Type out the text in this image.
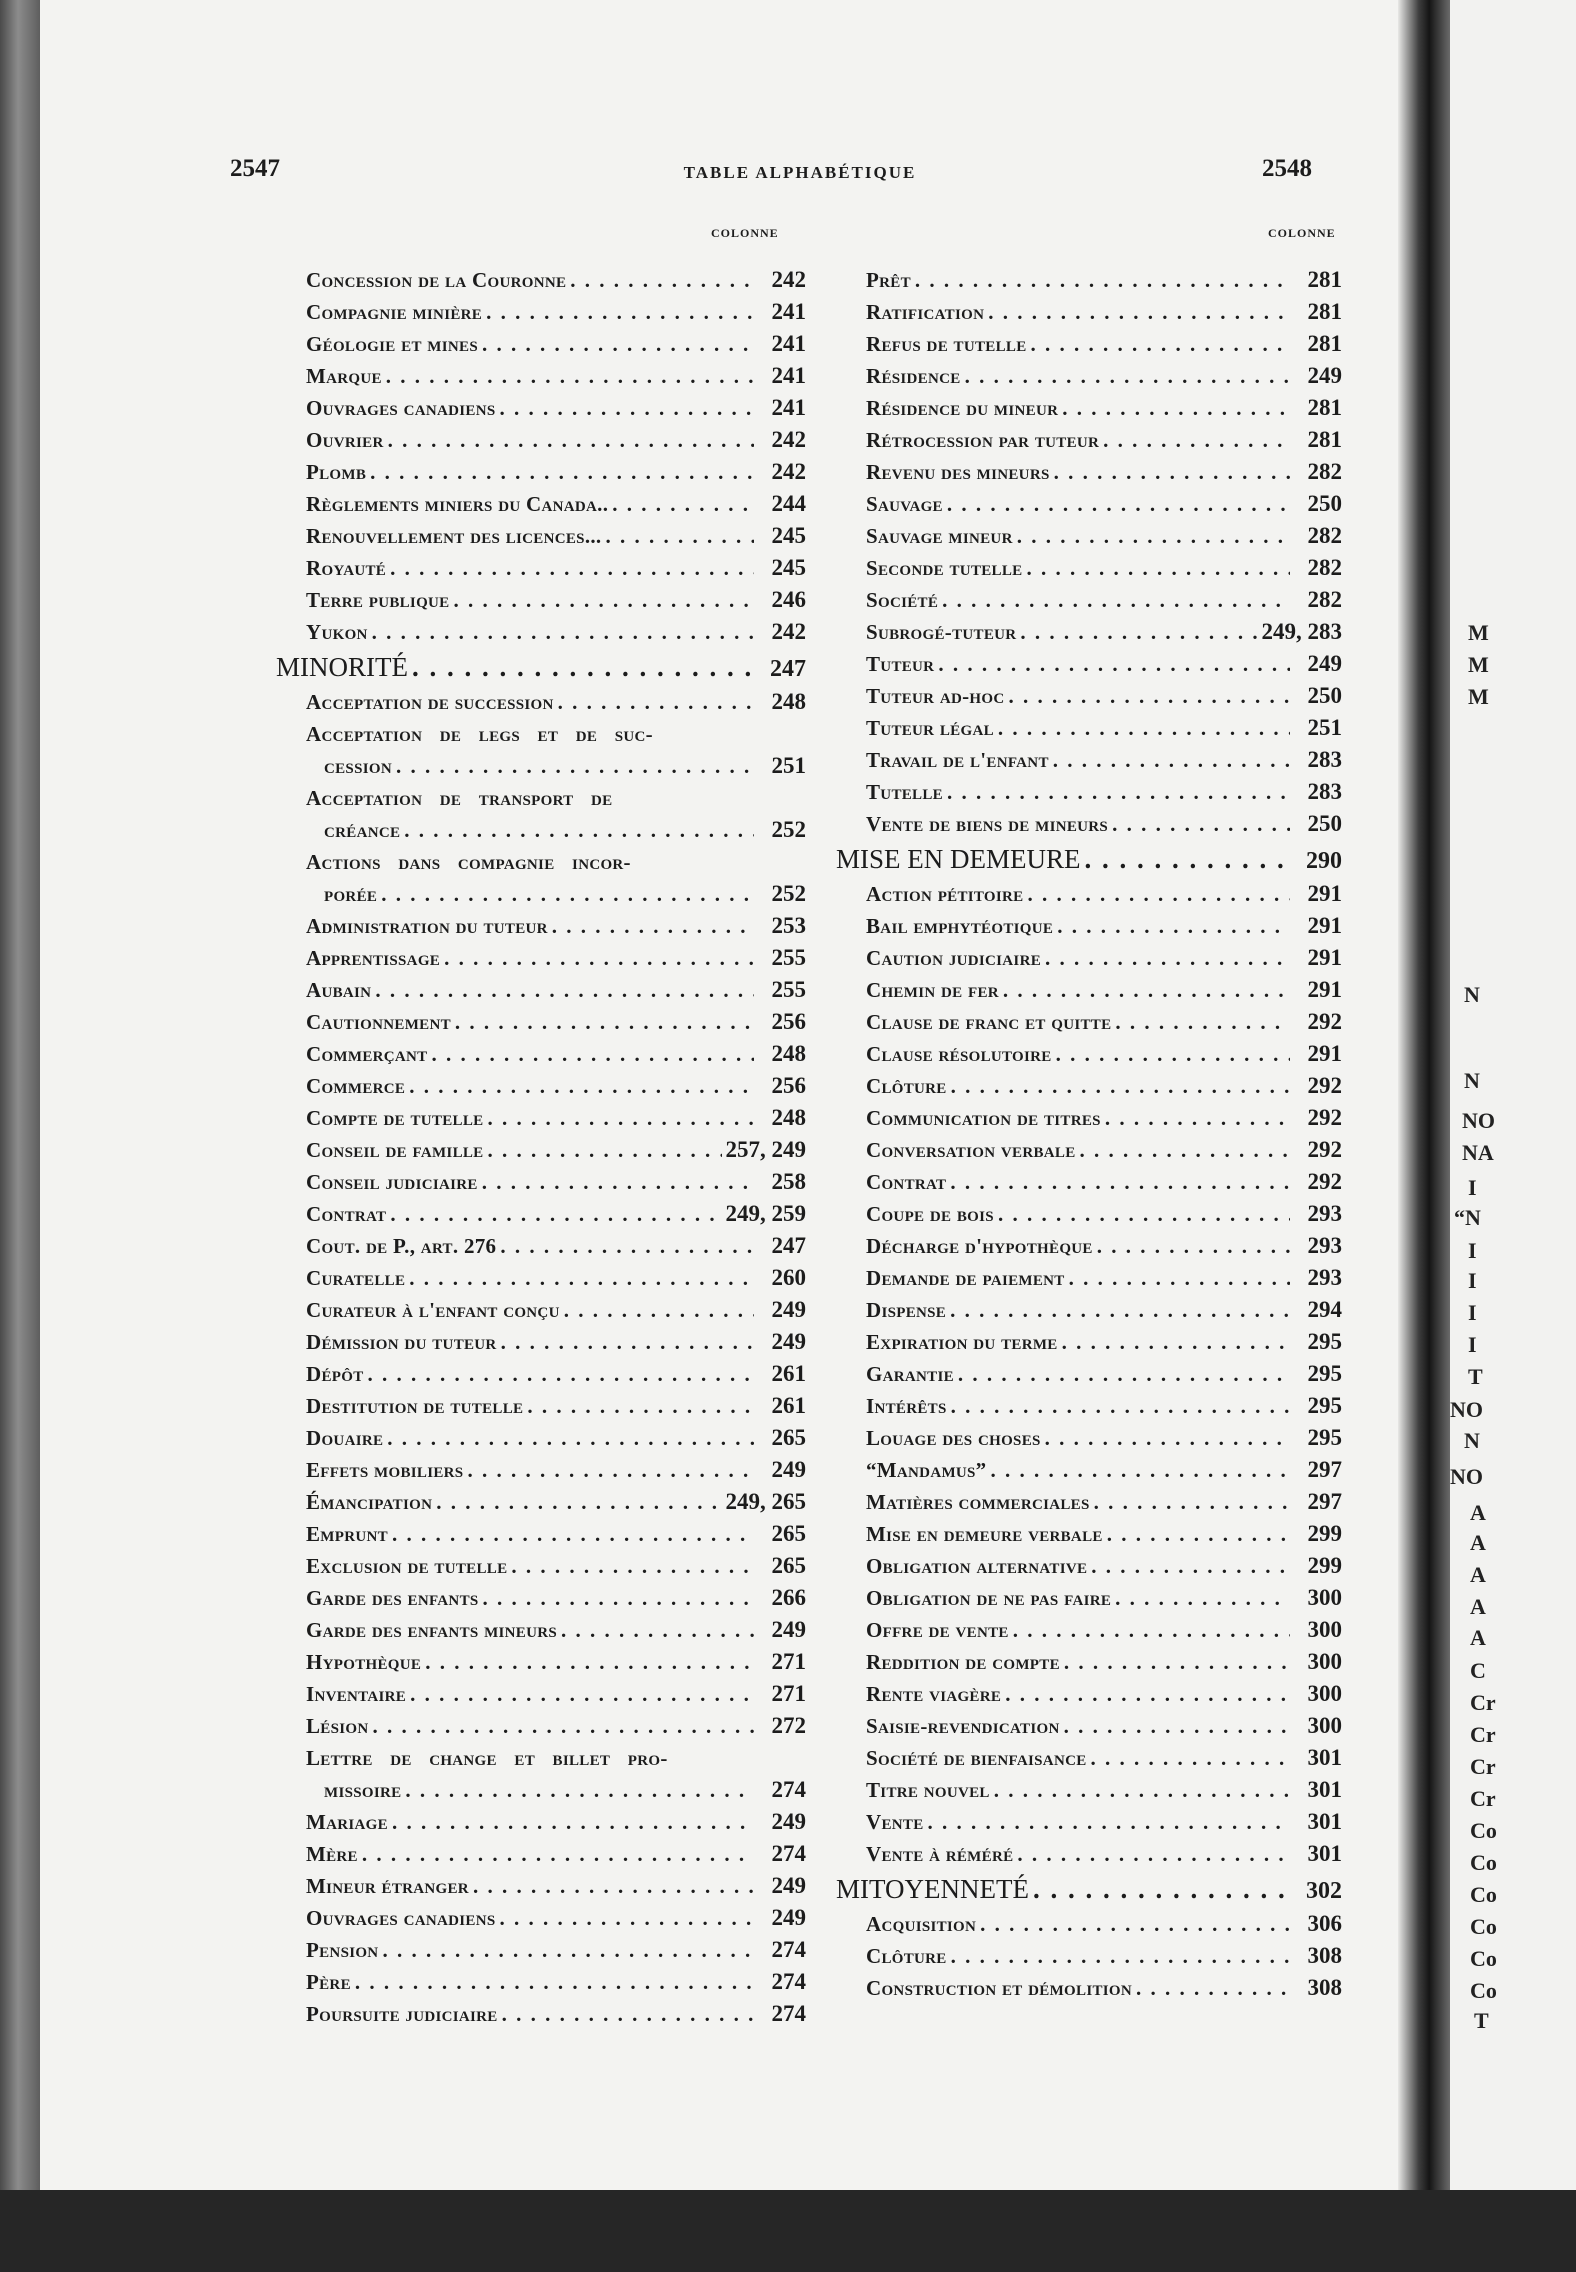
2547	TABLE ALPHABÉTIQUE	2548
COLONNE	COLONNE
Concession de la Couronne . . .	242
Compagnie minière . . .	241
Géologie et mines . . .	241
Marque . . .	241
Ouvrages canadiens . . .	241
Ouvrier . . .	242
Plomb . . .	242
Règlements miniers du Canada.. . . .	244
Renouvellement des licences... . . .	245
Royauté . . .	245
Terre publique . . .	246
Yukon . . .	242
MINORITÉ . . .	247
Acceptation de succession . . .	248
Acceptation de legs et de suc-
cession . . .	251
Acceptation de transport de
créance . . .	252
Actions dans compagnie incor-
porée . . .	252
Administration du tuteur . . .	253
Apprentissage . . .	255
Aubain . . .	255
Cautionnement . . .	256
Commerçant . . .	248
Commerce . . .	256
Compte de tutelle . . .	248
Conseil de famille . . .	257, 249
Conseil judiciaire . . .	258
Contrat . . .	249, 259
Cout. de P., art. 276 . . .	247
Curatelle . . .	260
Curateur à l'enfant conçu . . .	249
Démission du tuteur . . .	249
Dépôt . . .	261
Destitution de tutelle . . .	261
Douaire . . .	265
Effets mobiliers . . .	249
Émancipation . . .	249, 265
Emprunt . . .	265
Exclusion de tutelle . . .	265
Garde des enfants . . .	266
Garde des enfants mineurs . . .	249
Hypothèque . . .	271
Inventaire . . .	271
Lésion . . .	272
Lettre de change et billet pro-
missoire . . .	274
Mariage . . .	249
Mère . . .	274
Mineur étranger . . .	249
Ouvrages canadiens . . .	249
Pension . . .	274
Père . . .	274
Poursuite judiciaire . . .	274
Prêt . . .	281
Ratification . . .	281
Refus de tutelle . . .	281
Résidence . . .	249
Résidence du mineur . . .	281
Rétrocession par tuteur . . .	281
Revenu des mineurs . . .	282
Sauvage . . .	250
Sauvage mineur . . .	282
Seconde tutelle . . .	282
Société . . .	282
Subrogé-tuteur . . .	249, 283
Tuteur . . .	249
Tuteur ad-hoc . . .	250
Tuteur légal . . .	251
Travail de l'enfant . . .	283
Tutelle . . .	283
Vente de biens de mineurs . . .	250
MISE EN DEMEURE . . .	290
Action pétitoire . . .	291
Bail emphytéotique . . .	291
Caution judiciaire . . .	291
Chemin de fer . . .	291
Clause de franc et quitte . . .	292
Clause résolutoire . . .	291
Clôture . . .	292
Communication de titres . . .	292
Conversation verbale . . .	292
Contrat . . .	292
Coupe de bois . . .	293
Décharge d'hypothèque . . .	293
Demande de paiement . . .	293
Dispense . . .	294
Expiration du terme . . .	295
Garantie . . .	295
Intérêts . . .	295
Louage des choses . . .	295
“Mandamus” . . .	297
Matières commerciales . . .	297
Mise en demeure verbale . . .	299
Obligation alternative . . .	299
Obligation de ne pas faire . . .	300
Offre de vente . . .	300
Reddition de compte . . .	300
Rente viagère . . .	300
Saisie-revendication . . .	300
Société de bienfaisance . . .	301
Titre nouvel . . .	301
Vente . . .	301
Vente à réméré . . .	301
MITOYENNETÉ . . .	302
Acquisition . . .	306
Clôture . . .	308
Construction et démolition . . .	308
M
M
M
N
N
NO
NA
I
“N
I
I
I
I
T
NO
N
NO
A
A
A
A
A
C
Cr
Cr
Cr
Cr
Co
Co
Co
Co
Co
Co
T
